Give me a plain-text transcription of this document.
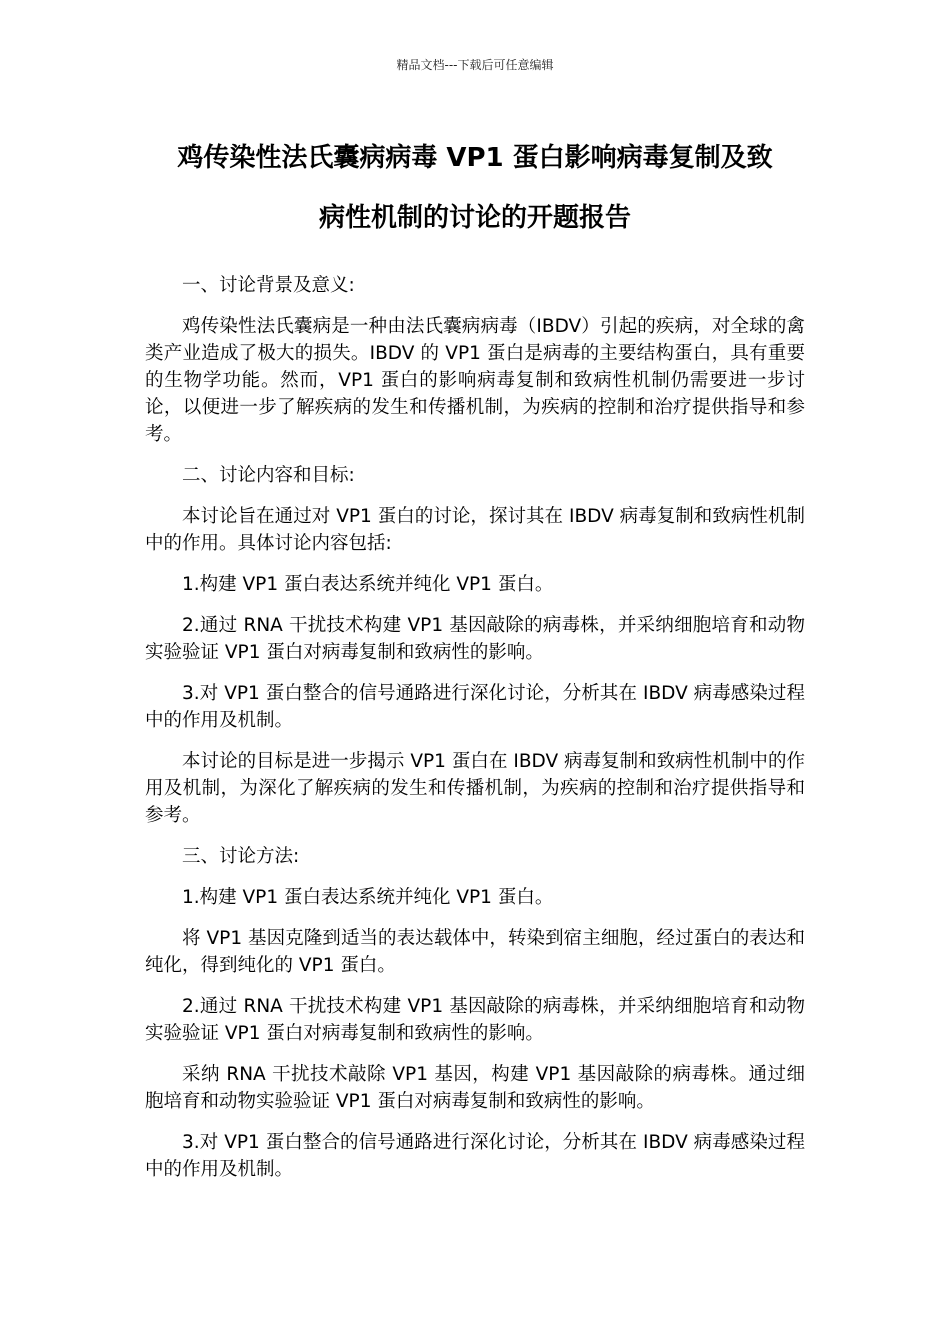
精品文档---下载后可任意编辑
鸡传染性法氏囊病病毒 VP1 蛋白影响病毒复制及致
病性机制的讨论的开题报告

一、讨论背景及意义:

鸡传染性法氏囊病是一种由法氏囊病病毒（IBDV）引起的疾病，对全球的禽类产业造成了极大的损失。IBDV 的 VP1 蛋白是病毒的主要结构蛋白，具有重要的生物学功能。然而，VP1 蛋白的影响病毒复制和致病性机制仍需要进一步讨论，以便进一步了解疾病的发生和传播机制，为疾病的控制和治疗提供指导和参考。

二、讨论内容和目标:

本讨论旨在通过对 VP1 蛋白的讨论，探讨其在 IBDV 病毒复制和致病性机制中的作用。具体讨论内容包括:

1.构建 VP1 蛋白表达系统并纯化 VP1 蛋白。

2.通过 RNA 干扰技术构建 VP1 基因敲除的病毒株，并采纳细胞培育和动物实验验证 VP1 蛋白对病毒复制和致病性的影响。

3.对 VP1 蛋白整合的信号通路进行深化讨论，分析其在 IBDV 病毒感染过程中的作用及机制。

本讨论的目标是进一步揭示 VP1 蛋白在 IBDV 病毒复制和致病性机制中的作用及机制，为深化了解疾病的发生和传播机制，为疾病的控制和治疗提供指导和参考。

三、讨论方法:

1.构建 VP1 蛋白表达系统并纯化 VP1 蛋白。

将 VP1 基因克隆到适当的表达载体中，转染到宿主细胞，经过蛋白的表达和纯化，得到纯化的 VP1 蛋白。

2.通过 RNA 干扰技术构建 VP1 基因敲除的病毒株，并采纳细胞培育和动物实验验证 VP1 蛋白对病毒复制和致病性的影响。

采纳 RNA 干扰技术敲除 VP1 基因，构建 VP1 基因敲除的病毒株。通过细胞培育和动物实验验证 VP1 蛋白对病毒复制和致病性的影响。

3.对 VP1 蛋白整合的信号通路进行深化讨论，分析其在 IBDV 病毒感染过程中的作用及机制。
